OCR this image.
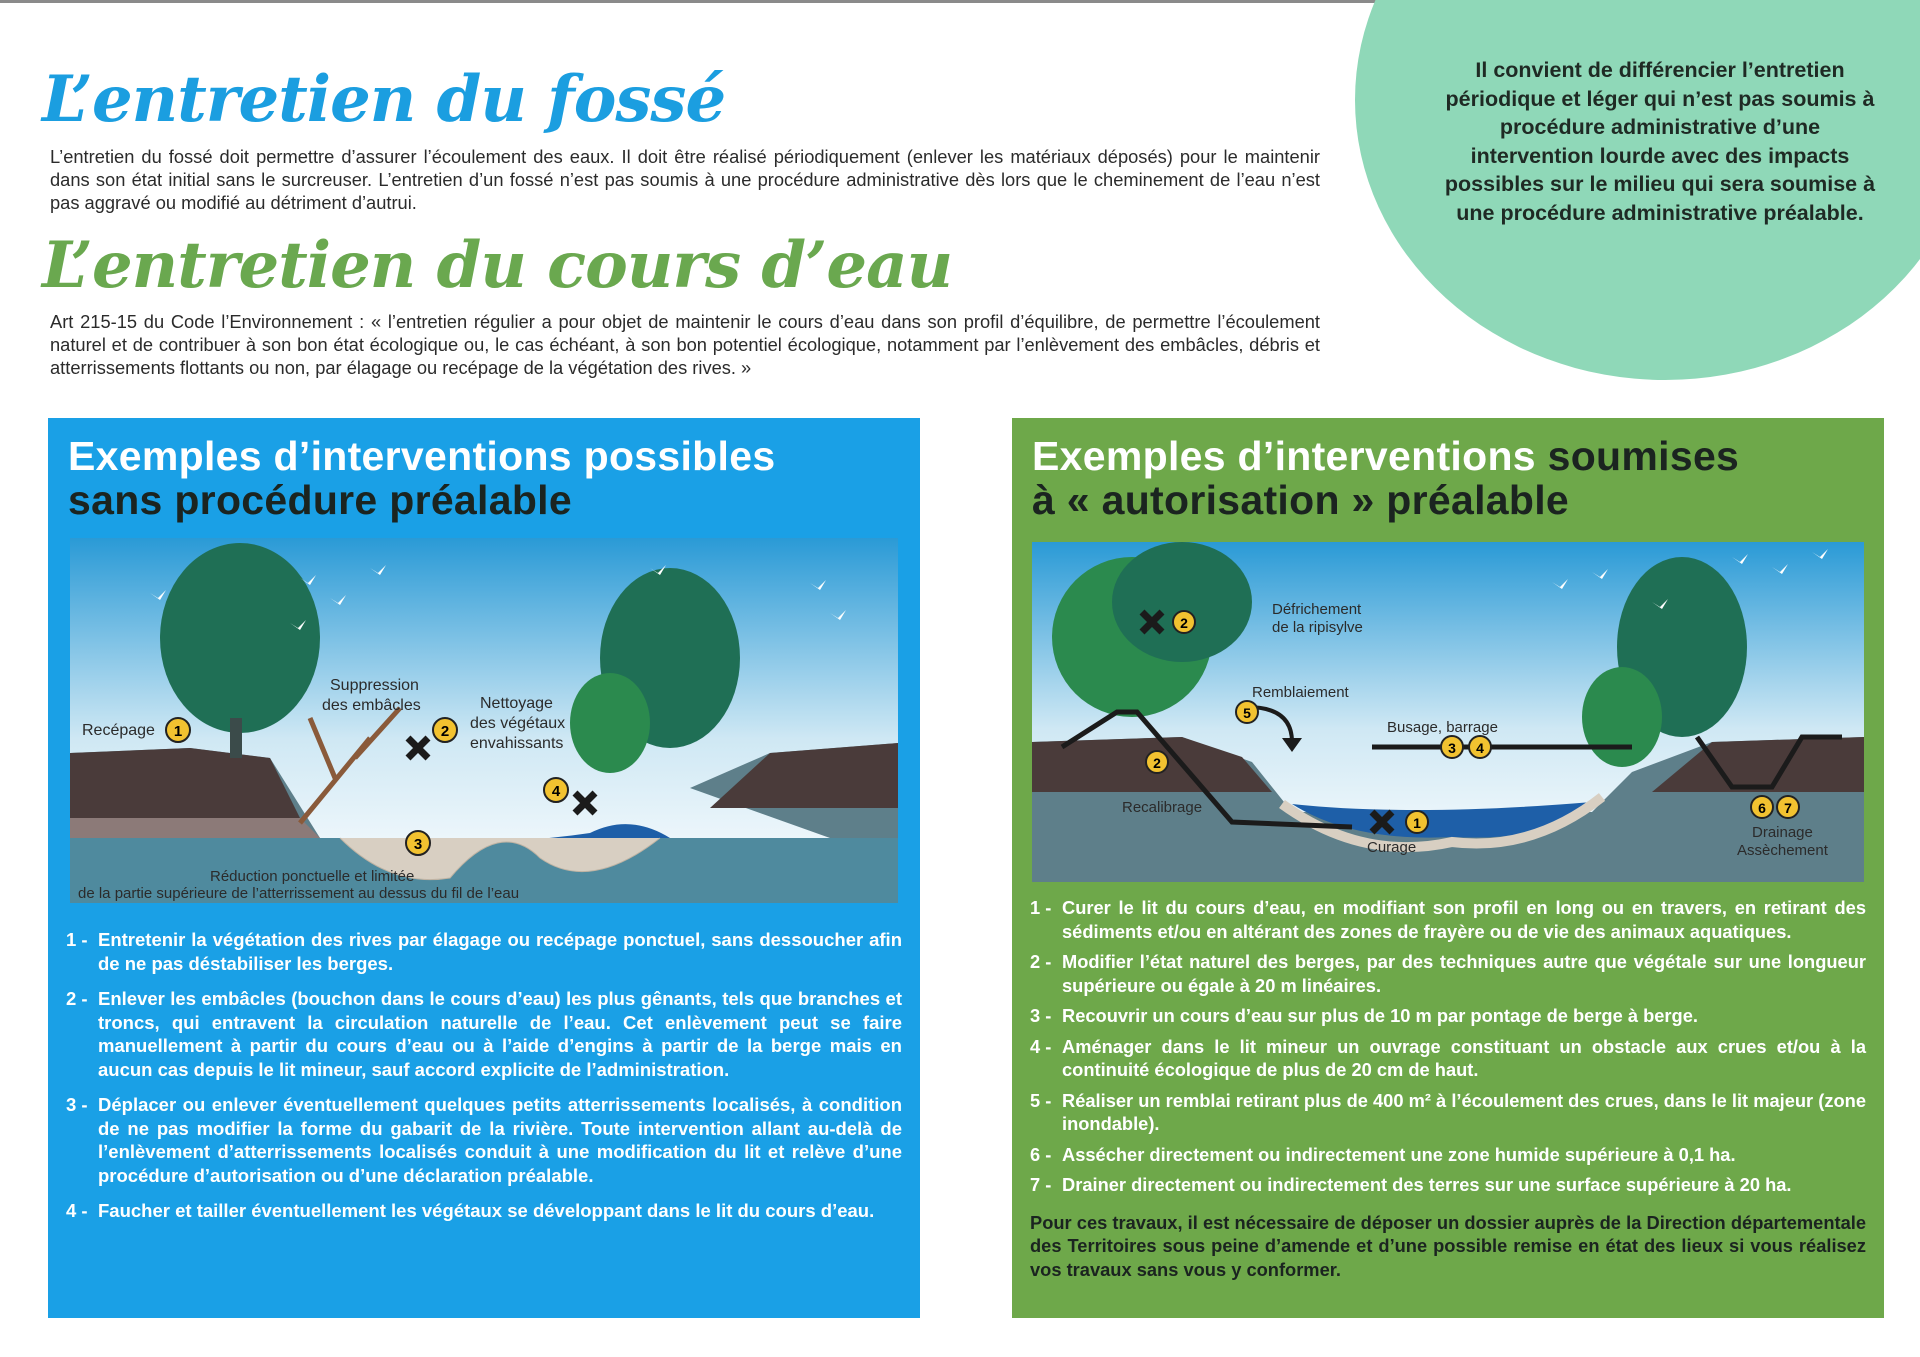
L’entretien du fossé
L’entretien du fossé doit permettre d’assurer l’écoulement des eaux. Il doit être réalisé périodiquement (enlever les matériaux déposés) pour le maintenir dans son état initial sans le surcreuser. L’entretien d’un fossé n’est pas soumis à une procédure administrative dès lors que le cheminement de l’eau n’est pas aggravé ou modifié au détriment d’autrui.
L’entretien du cours d’eau
Art 215-15 du Code l’Environnement : « l’entretien régulier a pour objet de maintenir le cours d’eau dans son profil d’équilibre, de permettre l’écoulement naturel et de contribuer à son bon état écologique ou, le cas échéant, à son bon potentiel écologique, notamment par l’enlèvement des embâcles, débris et atterrissements flottants ou non, par élagage ou recépage de la végétation des rives. »
Il convient de différencier l’entretien périodique et léger qui n’est pas soumis à procédure administrative d’une intervention lourde avec des impacts possibles sur le milieu qui sera soumise à une procédure administrative préalable.
Exemples d’interventions possibles
sans procédure préalable
Recépage
Suppression
des embâcles	Nettoyage
des végétaux
envahissants
Réduction ponctuelle et limitée
de la partie supérieure de l’atterrissement au dessus du fil de l’eau
1	2
3
4
1 - Entretenir la végétation des rives par élagage ou recépage ponctuel, sans dessoucher afin de ne pas déstabiliser les berges.
2 - Enlever les embâcles (bouchon dans le cours d’eau) les plus gênants, tels que branches et troncs, qui entravent la circulation naturelle de l’eau. Cet enlèvement peut se faire manuellement à partir du cours d’eau ou à l’aide d’engins à partir de la berge mais en aucun cas depuis le lit mineur, sauf accord explicite de l’administration.
3 - Déplacer ou enlever éventuellement quelques petits atterrissements localisés, à condition de ne pas modifier la forme du gabarit de la rivière. Toute intervention allant au-delà de l’enlèvement d’atterrissements localisés conduit à une modification du lit et relève d’une procédure d’autorisation ou d’une déclaration préalable.
4 - Faucher et tailler éventuellement les végétaux se développant dans le lit du cours d’eau.
Exemples d’interventions soumises
à « autorisation » préalable
Défrichement
de la ripisylve
Remblaiement
Busage, barrage
Recalibrage
Curage
Drainage
Assèchement
1
2
2
3 4
5
6 7
1 - Curer le lit du cours d’eau, en modifiant son profil en long ou en travers, en retirant des sédiments et/ou en altérant des zones de frayère ou de vie des animaux aquatiques.
2 - Modifier l’état naturel des berges, par des techniques autre que végétale sur une longueur supérieure ou égale à 20 m linéaires.
3 - Recouvrir un cours d’eau sur plus de 10 m par pontage de berge à berge.
4 - Aménager dans le lit mineur un ouvrage constituant un obstacle aux crues et/ou à la continuité écologique de plus de 20 cm de haut.
5 - Réaliser un remblai retirant plus de 400 m² à l’écoulement des crues, dans le lit majeur (zone inondable).
6 - Assécher directement ou indirectement une zone humide supérieure à 0,1 ha.
7 - Drainer directement ou indirectement des terres sur une surface supérieure à 20 ha.
Pour ces travaux, il est nécessaire de déposer un dossier auprès de la Direction départementale des Territoires sous peine d’amende et d’une possible remise en état des lieux si vous réalisez vos travaux sans vous y conformer.
